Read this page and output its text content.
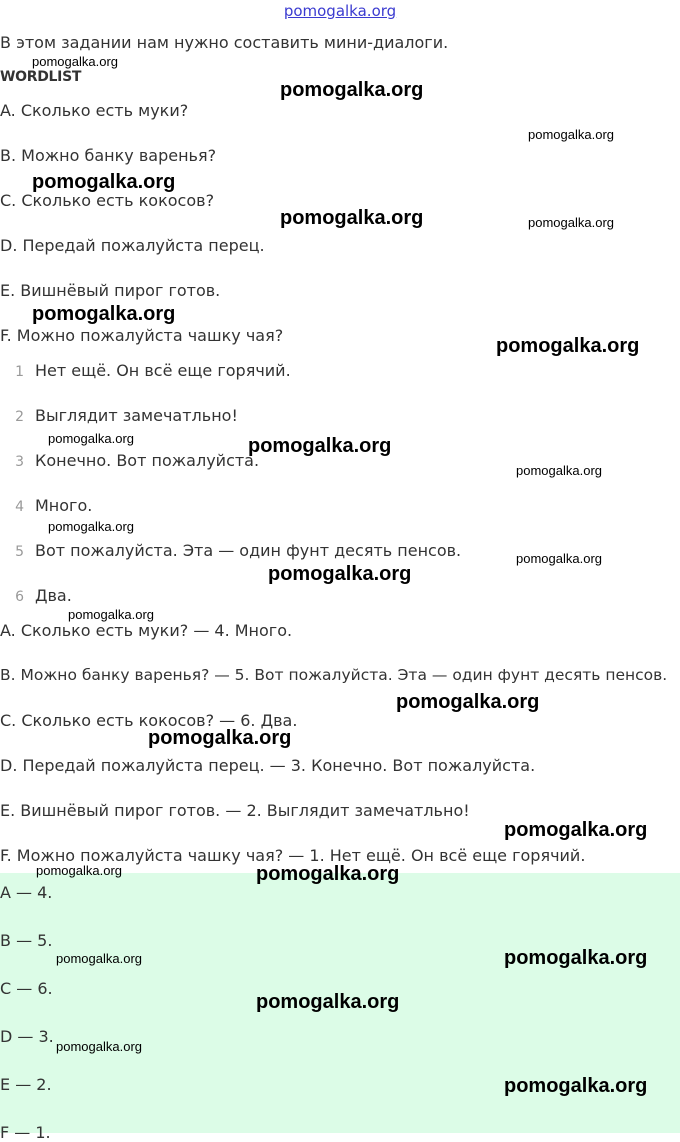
pomogalka.org
В этом задании нам нужно составить мини-диалоги.
WORDLIST
A. Сколько есть муки?
B. Можно банку варенья?
C. Сколько есть кокосов?
D. Передай пожалуйста перец.
E. Вишнёвый пирог готов.
F. Можно пожалуйста чашку чая?
1 Нет ещё. Он всё еще горячий.
2 Выглядит замечатльно!
3 Конечно. Вот пожалуйста.
4 Много.
5 Вот пожалуйста. Эта — один фунт десять пенсов.
6 Два.
A. Сколько есть муки? — 4. Много.
B. Можно банку варенья? — 5. Вот пожалуйста. Эта — один фунт десять пенсов.
C. Сколько есть кокосов? — 6. Два.
D. Передай пожалуйста перец. — 3. Конечно. Вот пожалуйста.
E. Вишнёвый пирог готов. — 2. Выглядит замечатльно!
F. Можно пожалуйста чашку чая? — 1. Нет ещё. Он всё еще горячий.
A — 4.
B — 5.
C — 6.
D — 3.
E — 2.
F — 1.
pomogalka.org
pomogalka.org
pomogalka.org
pomogalka.org
pomogalka.org	pomogalka.org
pomogalka.org
pomogalka.org
pomogalka.org	pomogalka.org
pomogalka.org
pomogalka.org
pomogalka.org
pomogalka.org
pomogalka.org
pomogalka.org
pomogalka.org
pomogalka.org
pomogalka.org	pomogalka.org
pomogalka.org	pomogalka.org
pomogalka.org
pomogalka.org
pomogalka.org
